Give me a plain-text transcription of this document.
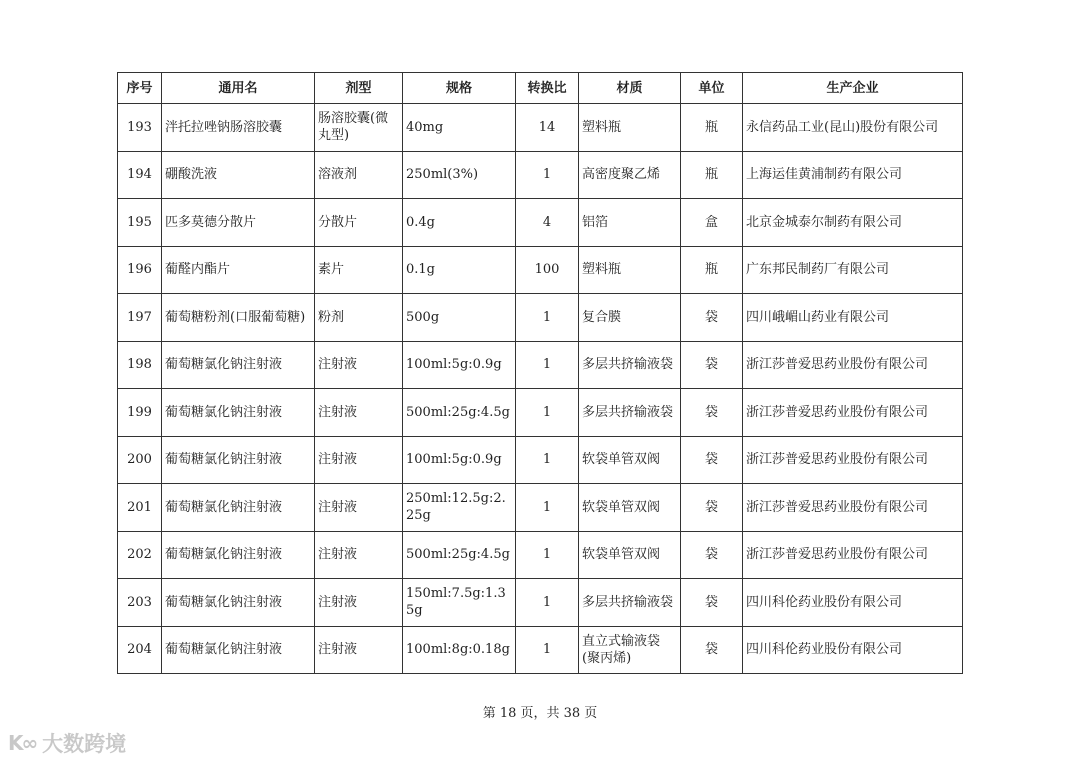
序号	通用名	剂型	规格	转换比	材质	单位	生产企业
193	泮托拉唑钠肠溶胶囊	肠溶胶囊(微丸型)	40mg	14	塑料瓶	瓶	永信药品工业(昆山)股份有限公司
194	硼酸洗液	溶液剂	250ml(3%)	1	高密度聚乙烯	瓶	上海运佳黄浦制药有限公司
195	匹多莫德分散片	分散片	0.4g	4	铝箔	盒	北京金城泰尔制药有限公司
196	葡醛内酯片	素片	0.1g	100	塑料瓶	瓶	广东邦民制药厂有限公司
197	葡萄糖粉剂(口服葡萄糖)	粉剂	500g	1	复合膜	袋	四川峨嵋山药业有限公司
198	葡萄糖氯化钠注射液	注射液	100ml:5g:0.9g	1	多层共挤输液袋	袋	浙江莎普爱思药业股份有限公司
199	葡萄糖氯化钠注射液	注射液	500ml:25g:4.5g	1	多层共挤输液袋	袋	浙江莎普爱思药业股份有限公司
200	葡萄糖氯化钠注射液	注射液	100ml:5g:0.9g	1	软袋单管双阀	袋	浙江莎普爱思药业股份有限公司
201	葡萄糖氯化钠注射液	注射液	250ml:12.5g:2.25g	1	软袋单管双阀	袋	浙江莎普爱思药业股份有限公司
202	葡萄糖氯化钠注射液	注射液	500ml:25g:4.5g	1	软袋单管双阀	袋	浙江莎普爱思药业股份有限公司
203	葡萄糖氯化钠注射液	注射液	150ml:7.5g:1.35g	1	多层共挤输液袋	袋	四川科伦药业股份有限公司
204	葡萄糖氯化钠注射液	注射液	100ml:8g:0.18g	1	直立式输液袋(聚丙烯)	袋	四川科伦药业股份有限公司
第 18 页，共 38 页
K∞ 大数跨境
